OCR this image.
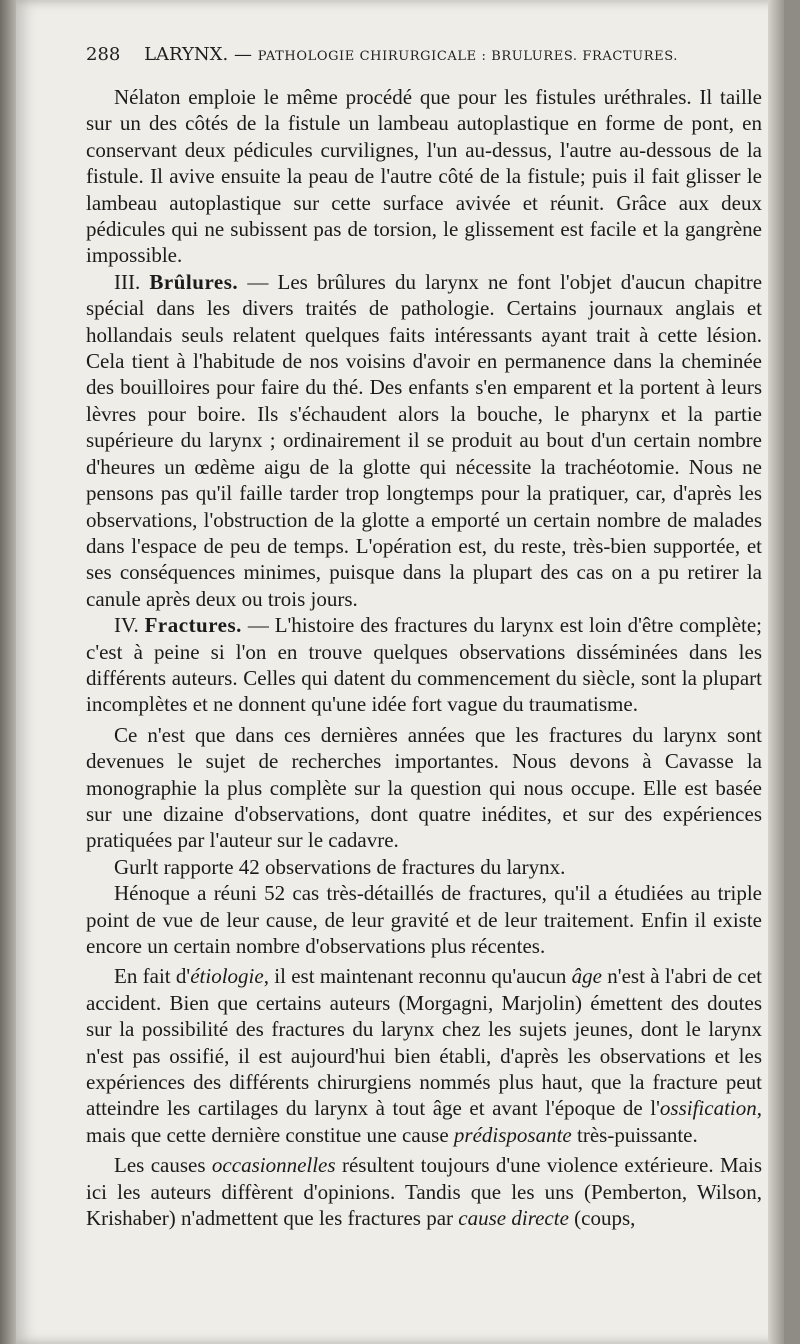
288 LARYNX. — PATHOLOGIE CHIRURGICALE : BRULURES. FRACTURES.

Nélaton emploie le même procédé que pour les fistules uréthrales. Il taille sur un des côtés de la fistule un lambeau autoplastique en forme de pont, en conservant deux pédicules curvilignes, l'un au-dessus, l'autre au-dessous de la fistule. Il avive ensuite la peau de l'autre côté de la fistule; puis il fait glisser le lambeau autoplastique sur cette surface avivée et réunit. Grâce aux deux pédicules qui ne subissent pas de torsion, le glissement est facile et la gangrène impossible.

III. Brûlures. — Les brûlures du larynx ne font l'objet d'aucun chapitre spécial dans les divers traités de pathologie. Certains journaux anglais et hollandais seuls relatent quelques faits intéressants ayant trait à cette lésion. Cela tient à l'habitude de nos voisins d'avoir en permanence dans la cheminée des bouilloires pour faire du thé. Des enfants s'en emparent et la portent à leurs lèvres pour boire. Ils s'échaudent alors la bouche, le pharynx et la partie supérieure du larynx ; ordinairement il se produit au bout d'un certain nombre d'heures un œdème aigu de la glotte qui nécessite la trachéotomie. Nous ne pensons pas qu'il faille tarder trop longtemps pour la pratiquer, car, d'après les observations, l'obstruction de la glotte a emporté un certain nombre de malades dans l'espace de peu de temps. L'opération est, du reste, très-bien supportée, et ses conséquences minimes, puisque dans la plupart des cas on a pu retirer la canule après deux ou trois jours.

IV. Fractures. — L'histoire des fractures du larynx est loin d'être complète; c'est à peine si l'on en trouve quelques observations disséminées dans les différents auteurs. Celles qui datent du commencement du siècle, sont la plupart incomplètes et ne donnent qu'une idée fort vague du traumatisme.

Ce n'est que dans ces dernières années que les fractures du larynx sont devenues le sujet de recherches importantes. Nous devons à Cavasse la monographie la plus complète sur la question qui nous occupe. Elle est basée sur une dizaine d'observations, dont quatre inédites, et sur des expériences pratiquées par l'auteur sur le cadavre.

Gurlt rapporte 42 observations de fractures du larynx.

Hénoque a réuni 52 cas très-détaillés de fractures, qu'il a étudiées au triple point de vue de leur cause, de leur gravité et de leur traitement. Enfin il existe encore un certain nombre d'observations plus récentes.

En fait d'étiologie, il est maintenant reconnu qu'aucun âge n'est à l'abri de cet accident. Bien que certains auteurs (Morgagni, Marjolin) émettent des doutes sur la possibilité des fractures du larynx chez les sujets jeunes, dont le larynx n'est pas ossifié, il est aujourd'hui bien établi, d'après les observations et les expériences des différents chirurgiens nommés plus haut, que la fracture peut atteindre les cartilages du larynx à tout âge et avant l'époque de l'ossification, mais que cette dernière constitue une cause prédisposante très-puissante.

Les causes occasionnelles résultent toujours d'une violence extérieure. Mais ici les auteurs diffèrent d'opinions. Tandis que les uns (Pemberton, Wilson, Krishaber) n'admettent que les fractures par cause directe (coups,
